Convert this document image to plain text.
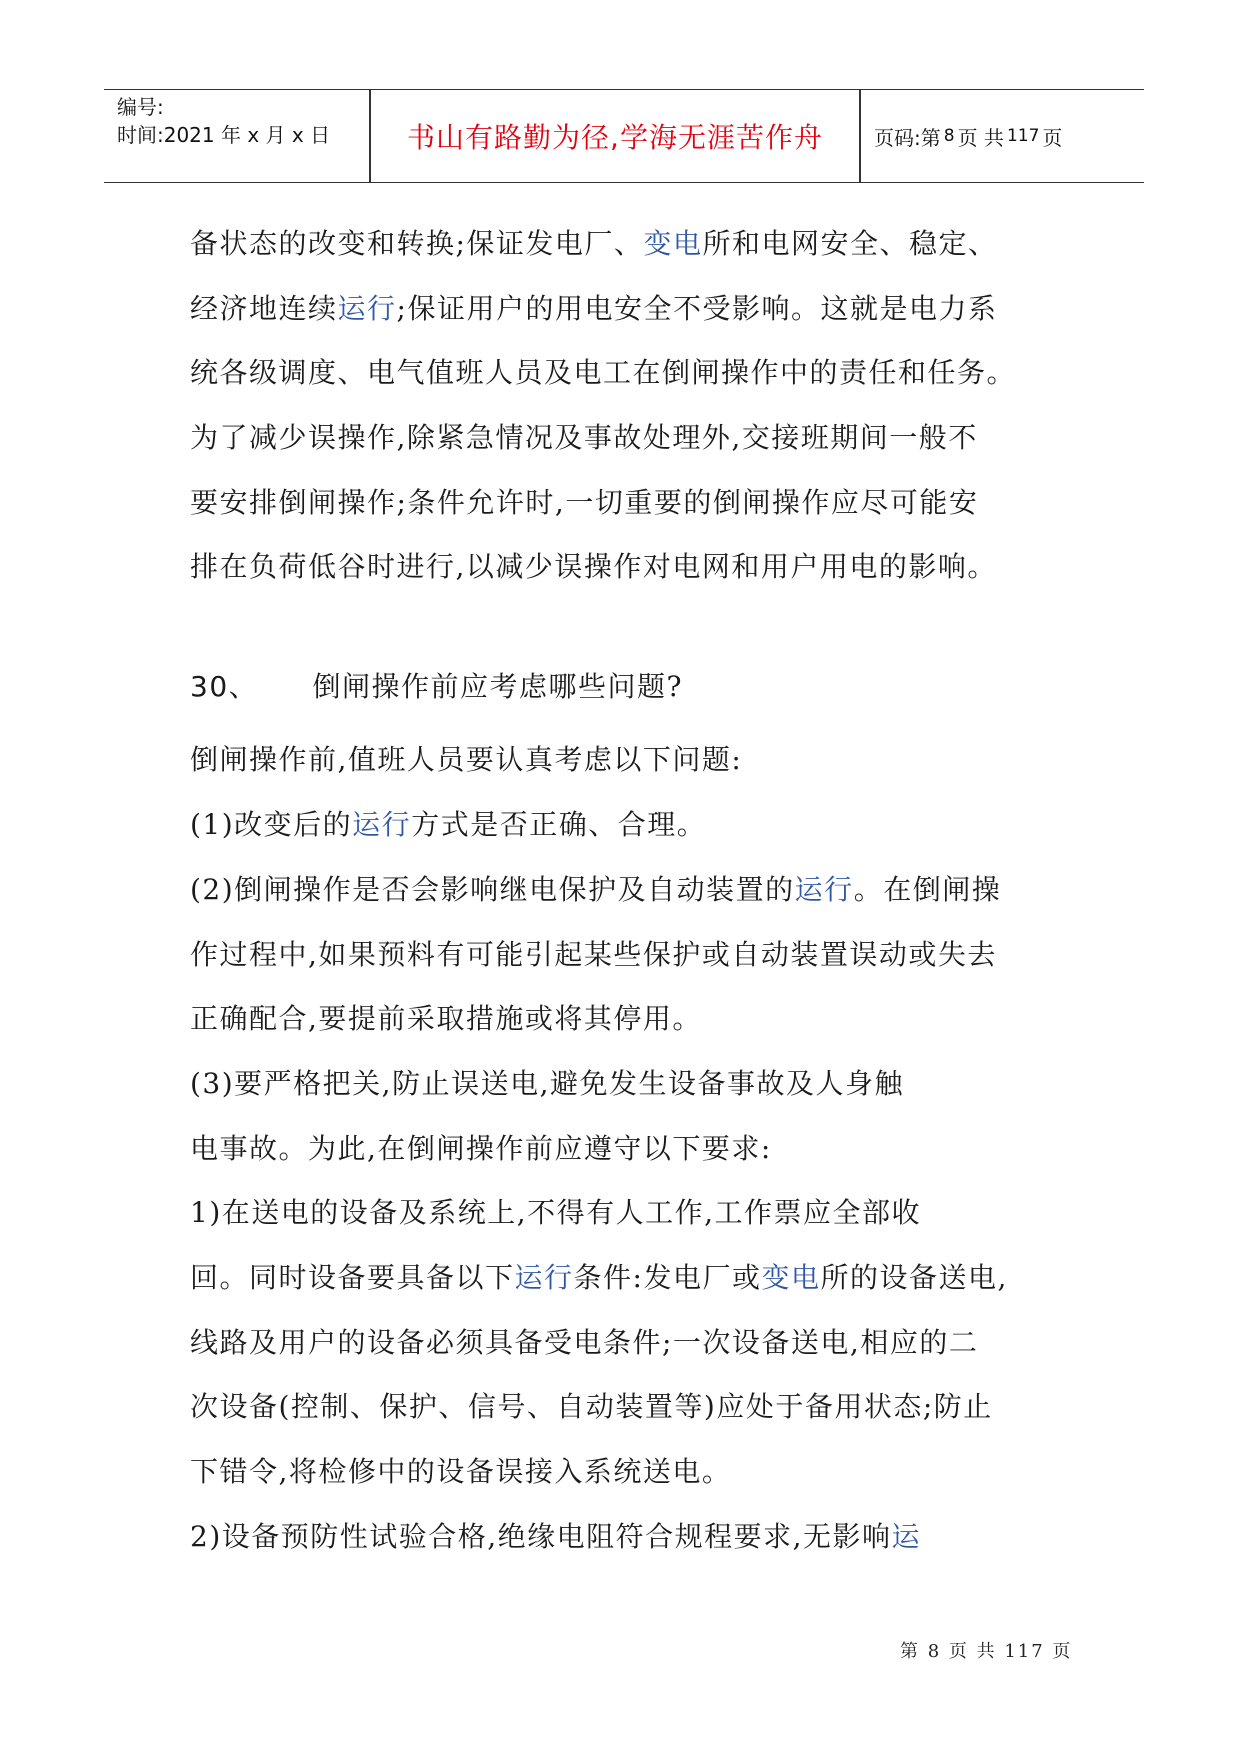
编号:
时间:2021 年 x 月 x 日	书山有路勤为径,学海无涯苦作舟	页码:第 8 页 共 117 页
备状态的改变和转换;保证发电厂、变电所和电网安全、稳定、
经济地连续运行;保证用户的用电安全不受影响。这就是电力系
统各级调度、电气值班人员及电工在倒闸操作中的责任和任务。
为了减少误操作,除紧急情况及事故处理外,交接班期间一般不
要安排倒闸操作;条件允许时,一切重要的倒闸操作应尽可能安
排在负荷低谷时进行,以减少误操作对电网和用户用电的影响。
30、 倒闸操作前应考虑哪些问题?
倒闸操作前,值班人员要认真考虑以下问题:
(1)改变后的运行方式是否正确、合理。
(2)倒闸操作是否会影响继电保护及自动装置的运行。在倒闸操
作过程中,如果预料有可能引起某些保护或自动装置误动或失去
正确配合,要提前采取措施或将其停用。
(3)要严格把关,防止误送电,避免发生设备事故及人身触
电事故。为此,在倒闸操作前应遵守以下要求:
1)在送电的设备及系统上,不得有人工作,工作票应全部收
回。同时设备要具备以下运行条件:发电厂或变电所的设备送电,
线路及用户的设备必须具备受电条件;一次设备送电,相应的二
次设备(控制、保护、信号、自动装置等)应处于备用状态;防止
下错令,将检修中的设备误接入系统送电。
2)设备预防性试验合格,绝缘电阻符合规程要求,无影响运
第 8 页 共 117 页
